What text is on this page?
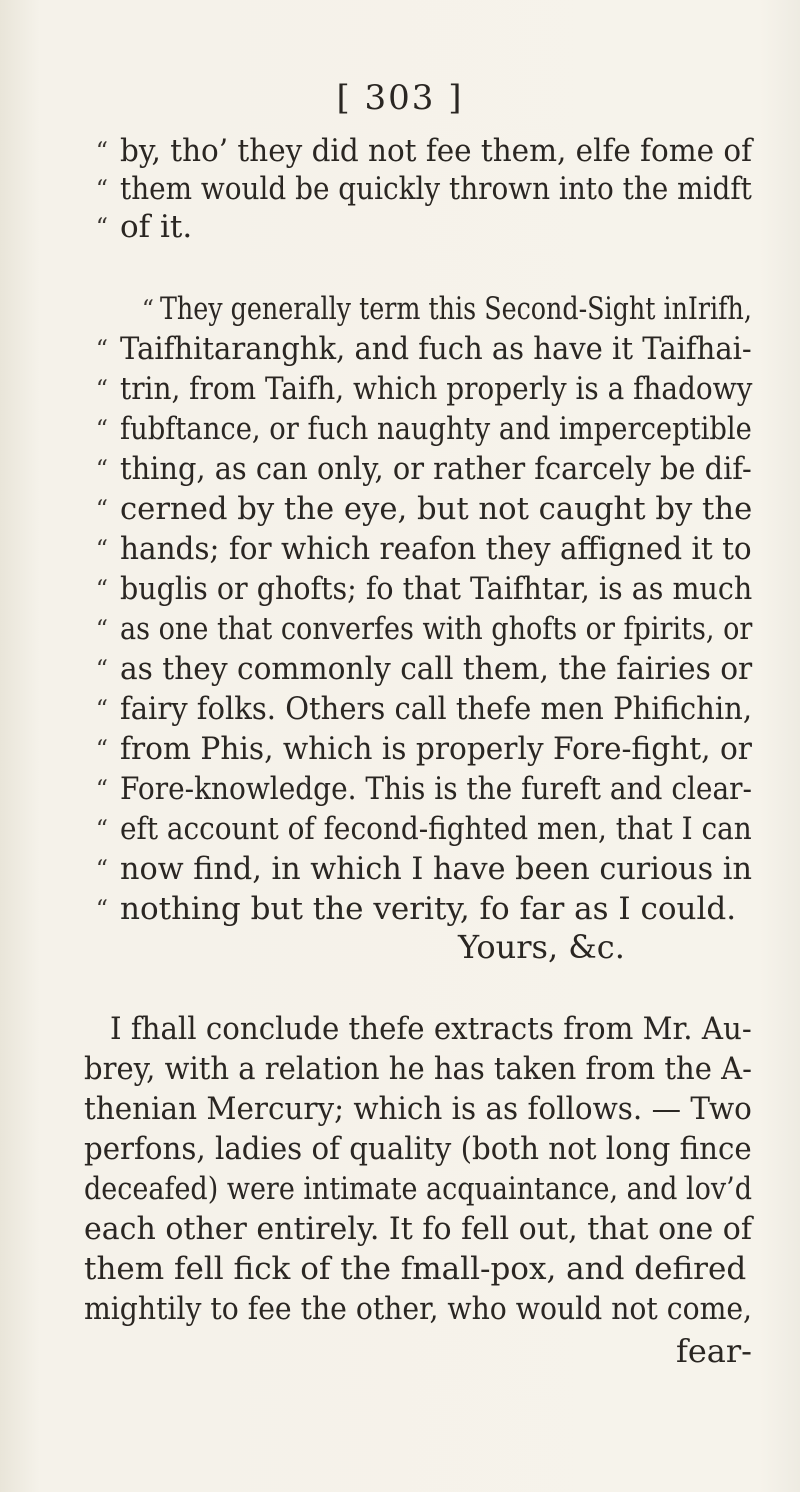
[ 303 ]
“ by, tho’ they did not fee them, elfe fome of
“ them would be quickly thrown into the midft
“ of it.
“ They generally term this Second-Sight inIrifh,
“ Taifhitaranghk, and fuch as have it Taifhai-
“ trin, from Taifh, which properly is a fhadowy
“ fubftance, or fuch naughty and imperceptible
“ thing, as can only, or rather fcarcely be dif-
“ cerned by the eye, but not caught by the
“ hands; for which reafon they affigned it to
“ buglis or ghofts; fo that Taifhtar, is as much
“ as one that converfes with ghofts or fpirits, or
“ as they commonly call them, the fairies or
“ fairy folks. Others call thefe men Phifichin,
“ from Phis, which is properly Fore-fight, or
“ Fore-knowledge. This is the fureft and clear-
“ eft account of fecond-fighted men, that I can
“ now find, in which I have been curious in
“ nothing but the verity, fo far as I could.
Yours, &c.
I fhall conclude thefe extracts from Mr. Au-
brey, with a relation he has taken from the A-
thenian Mercury; which is as follows. — Two
perfons, ladies of quality (both not long fince
deceafed) were intimate acquaintance, and lov’d
each other entirely. It fo fell out, that one of
them fell fick of the fmall-pox, and defired
mightily to fee the other, who would not come,
fear-
